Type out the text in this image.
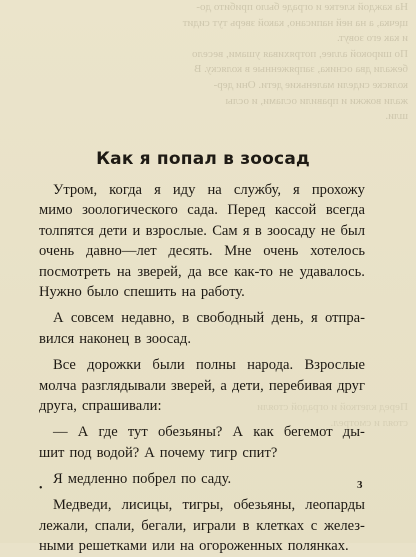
На каждой клетке и ограде было прибито до-
щечка, а на ней написано, какой зверь тут сидит
и как его зовут.
По широкой аллее, потряхивая ушами, весело
бежали два осника, запряженные в коляску. В
коляске сидели маленькие дети. Они дер-
жали вожжи и правили ослами, и ослы
шли.
Перед клеткой и оградой стояли
стоял и смотрел.
Как я попал в зоосад
Утром, когда я иду на службу, я прохожу
мимо зоологического сада. Перед кассой всегда
толпятся дети и взрослые. Сам я в зоосаду не был
очень давно—лет десять. Мне очень хотелось
посмотреть на зверей, да все как-то не удавалось.
Нужно было спешить на работу.
А совсем недавно, в свободный день, я отпра-
вился наконец в зоосад.
Все дорожки были полны народа. Взрослые
молча разглядывали зверей, а дети, перебивая друг
друга, спрашивали:
— А где тут обезьяны? А как бегемот ды-
шит под водой? А почему тигр спит?
Я медленно побрел по саду.
Медведи, лисицы, тигры, обезьяны, леопарды
лежали, спали, бегали, играли в клетках с желез-
ными решетками или на огороженных полянках.
•	3
